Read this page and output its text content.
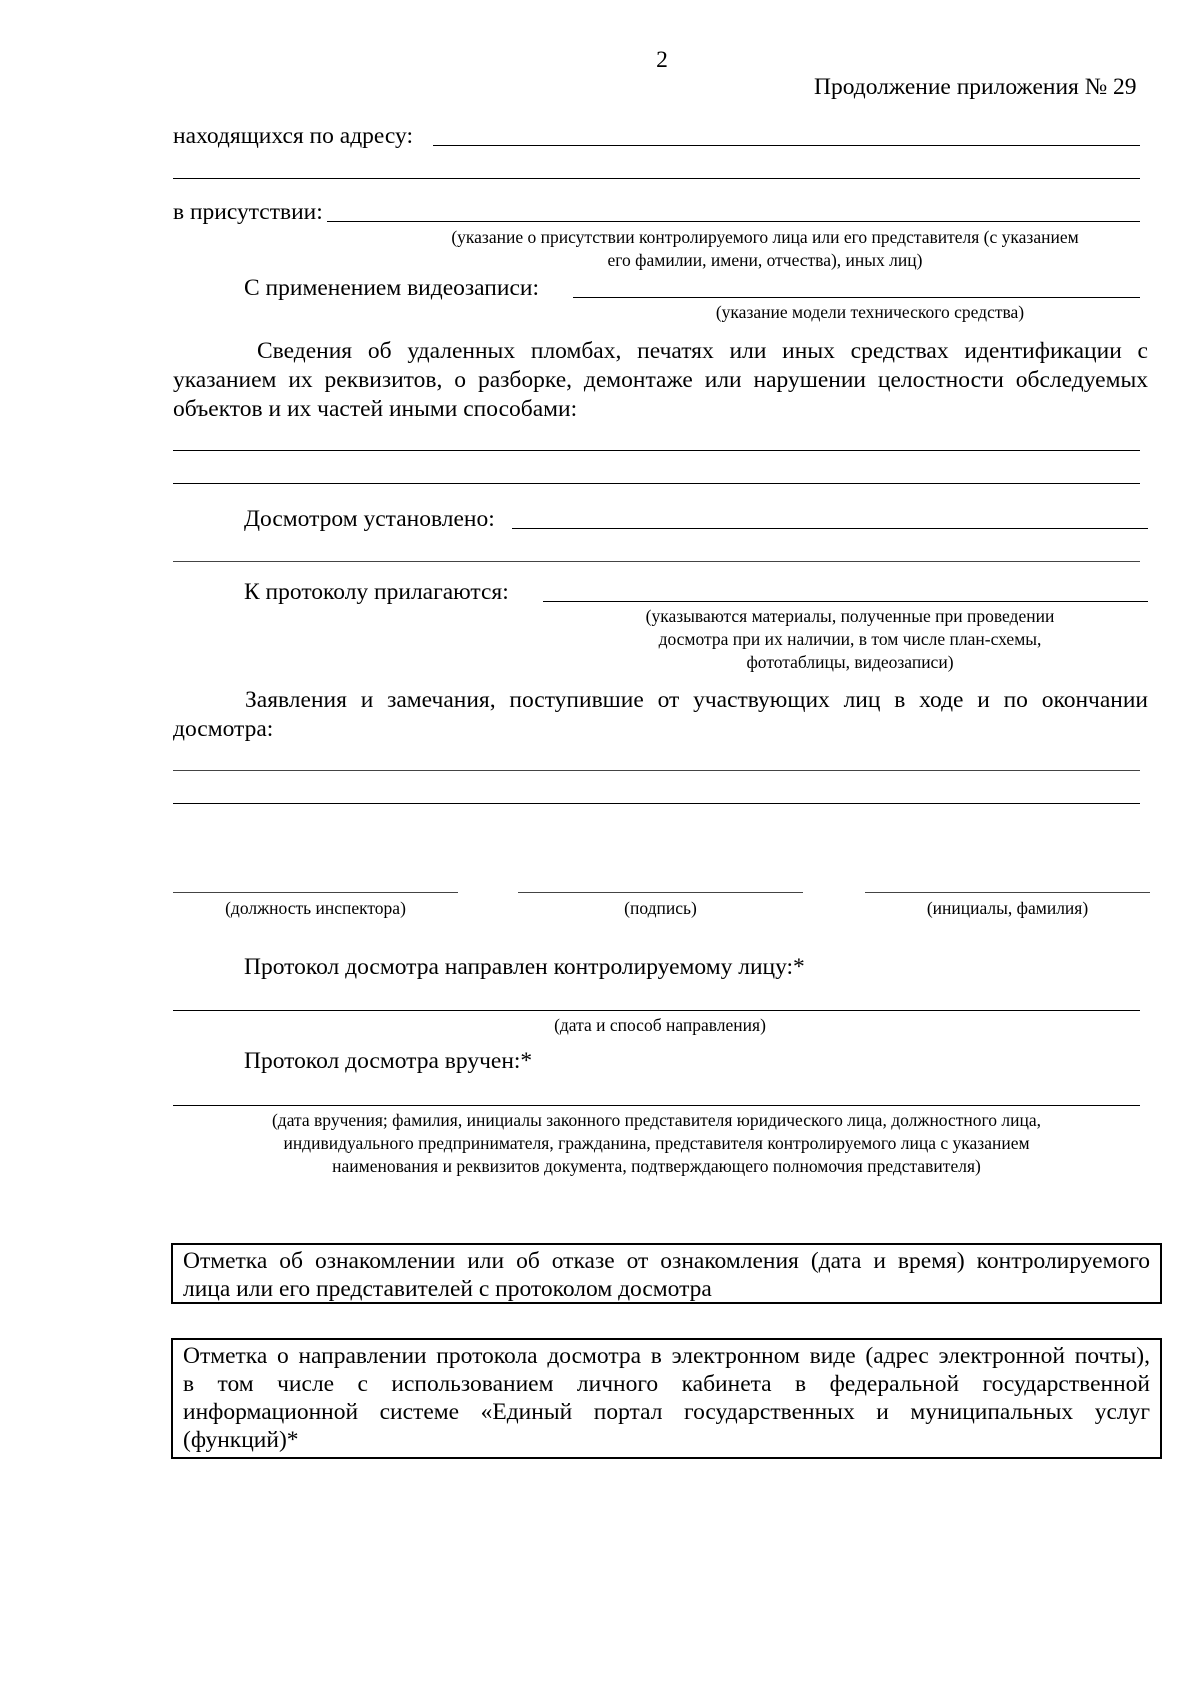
2
Продолжение приложения № 29
находящихся по адресу:
в присутствии:
(указание о присутствии контролируемого лица или его представителя (с указанием
его фамилии, имени, отчества), иных лиц)
С применением видеозаписи:
(указание модели технического средства)
Сведения об удаленных пломбах, печатях или иных средствах идентификации с
указанием их реквизитов, о разборке, демонтаже или нарушении целостности обследуемых
объектов и их частей иными способами:
Досмотром установлено:
К протоколу прилагаются:
(указываются материалы, полученные при проведении
досмотра при их наличии, в том числе план-схемы,
фототаблицы, видеозаписи)
Заявления и замечания, поступившие от участвующих лиц в ходе и по окончании
досмотра:
(должность инспектора)	(подпись)	(инициалы, фамилия)
Протокол досмотра направлен контролируемому лицу:*
(дата и способ направления)
Протокол досмотра вручен:*
(дата вручения; фамилия, инициалы законного представителя юридического лица, должностного лица,
индивидуального предпринимателя, гражданина, представителя контролируемого лица с указанием
наименования и реквизитов документа, подтверждающего полномочия представителя)
Отметка об ознакомлении или об отказе от ознакомления (дата и время) контролируемого
лица или его представителей с протоколом досмотра
Отметка о направлении протокола досмотра в электронном виде (адрес электронной почты),
в том числе с использованием личного кабинета в федеральной государственной
информационной системе «Единый портал государственных и муниципальных услуг
(функций)*
